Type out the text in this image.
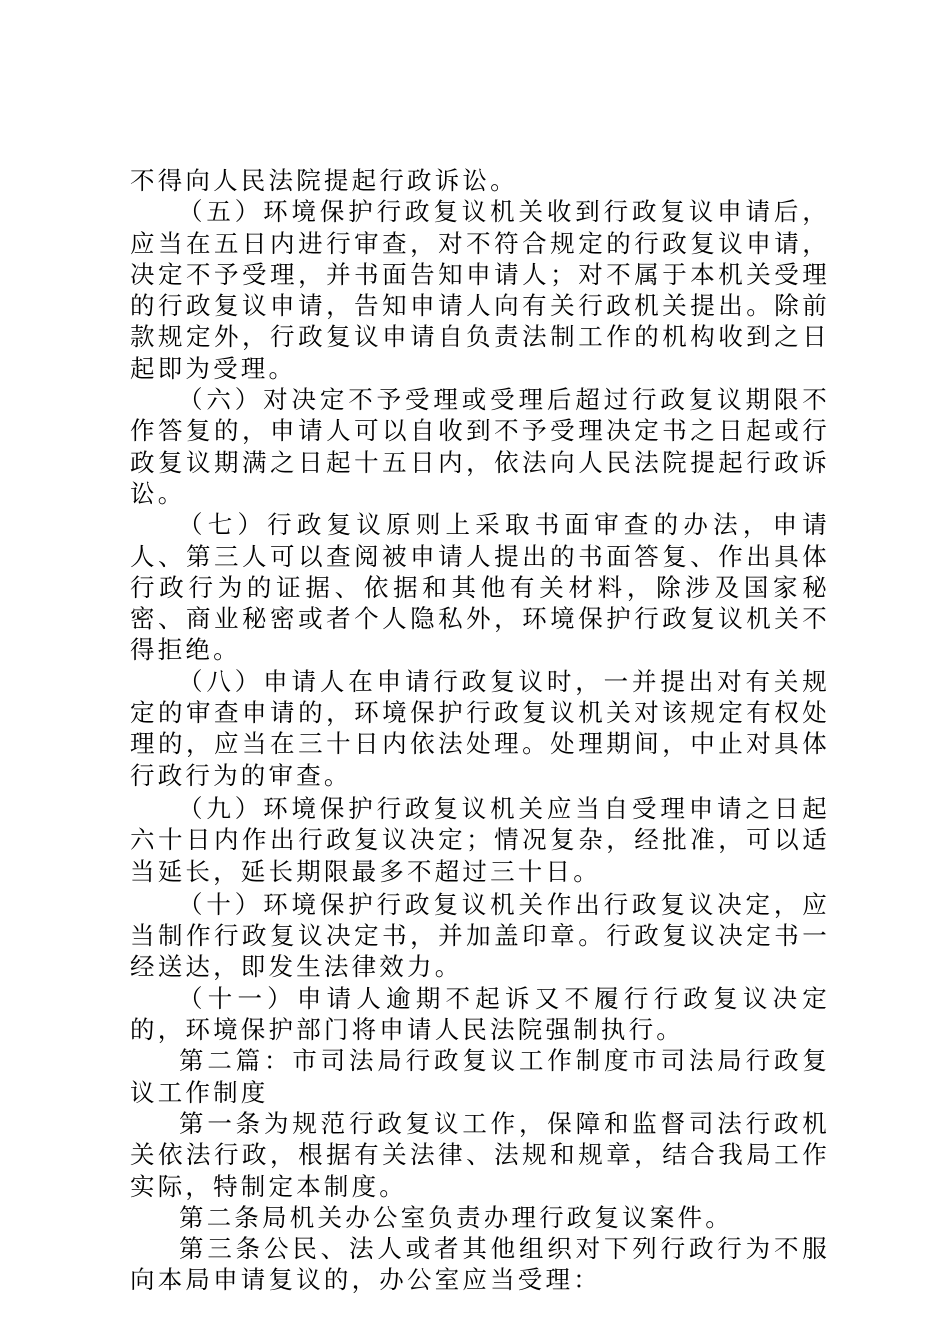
不得向人民法院提起行政诉讼。

（五）环境保护行政复议机关收到行政复议申请后，应当在五日内进行审查，对不符合规定的行政复议申请，决定不予受理，并书面告知申请人；对不属于本机关受理的行政复议申请，告知申请人向有关行政机关提出。除前款规定外，行政复议申请自负责法制工作的机构收到之日起即为受理。

（六）对决定不予受理或受理后超过行政复议期限不作答复的，申请人可以自收到不予受理决定书之日起或行政复议期满之日起十五日内，依法向人民法院提起行政诉讼。

（七）行政复议原则上采取书面审查的办法，申请人、第三人可以查阅被申请人提出的书面答复、作出具体行政行为的证据、依据和其他有关材料，除涉及国家秘密、商业秘密或者个人隐私外，环境保护行政复议机关不得拒绝。

（八）申请人在申请行政复议时，一并提出对有关规定的审查申请的，环境保护行政复议机关对该规定有权处理的，应当在三十日内依法处理。处理期间，中止对具体行政行为的审查。

（九）环境保护行政复议机关应当自受理申请之日起六十日内作出行政复议决定；情况复杂，经批准，可以适当延长，延长期限最多不超过三十日。

（十）环境保护行政复议机关作出行政复议决定，应当制作行政复议决定书，并加盖印章。行政复议决定书一经送达，即发生法律效力。

（十一）申请人逾期不起诉又不履行行政复议决定的，环境保护部门将申请人民法院强制执行。

第二篇：市司法局行政复议工作制度市司法局行政复议工作制度

第一条为规范行政复议工作，保障和监督司法行政机关依法行政，根据有关法律、法规和规章，结合我局工作实际，特制定本制度。

第二条局机关办公室负责办理行政复议案件。

第三条公民、法人或者其他组织对下列行政行为不服向本局申请复议的，办公室应当受理：
